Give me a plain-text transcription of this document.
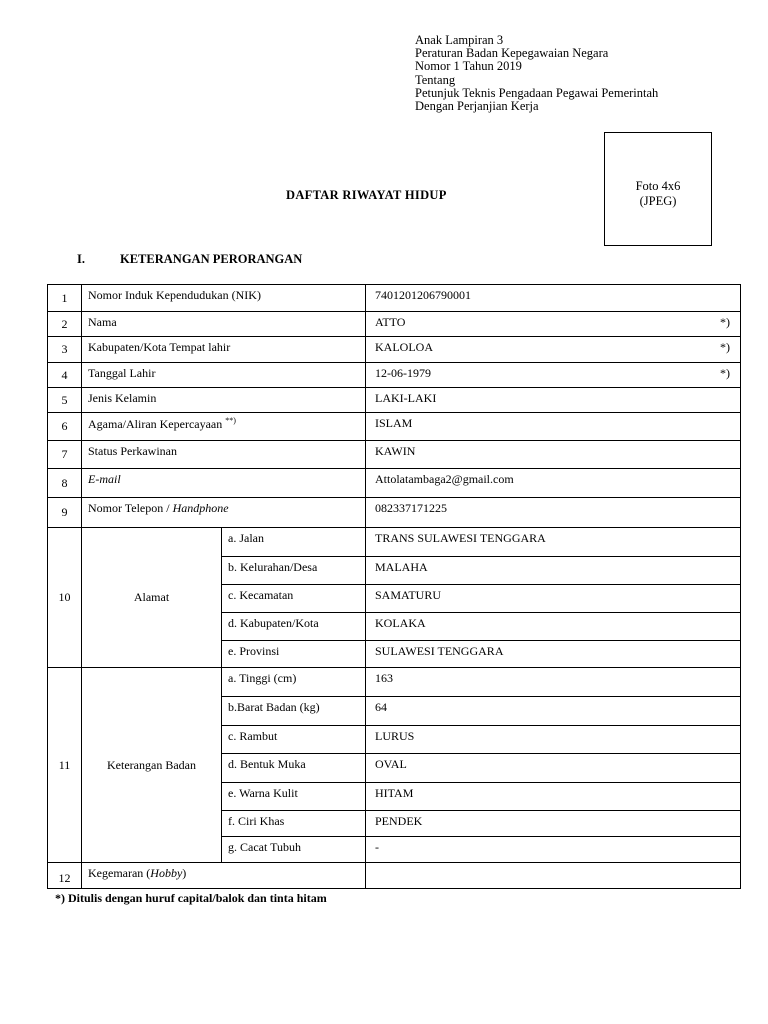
Anak Lampiran 3
Peraturan Badan Kepegawaian Negara
Nomor 1 Tahun 2019
Tentang
Petunjuk Teknis Pengadaan Pegawai Pemerintah
Dengan Perjanjian Kerja
Foto 4x6
(JPEG)
DAFTAR RIWAYAT HIDUP
I.	KETERANGAN PERORANGAN
1	Nomor Induk Kependudukan (NIK)		7401201206790001
2	Nama		ATTO *)

3	Kabupaten/Kota Tempat lahir		KALOLOA *)

4	Tanggal Lahir		12-06-1979 *)

5	Jenis Kelamin		LAKI-LAKI
6	Agama/Aliran Kepercayaan **)		ISLAM
7	Status Perkawinan		KAWIN
8	E-mail		Attolatambaga2@gmail.com
9	Nomor Telepon / Handphone		082337171225
10	Alamat	a. Jalan	TRANS SULAWESI TENGGARA
		b. Kelurahan/Desa	MALAHA
		c. Kecamatan	SAMATURU
		d. Kabupaten/Kota	KOLAKA
		e. Provinsi	SULAWESI TENGGARA
11	Keterangan Badan	a. Tinggi (cm)	163
		b.Barat Badan (kg)	64
		c. Rambut	LURUS
		d. Bentuk Muka	OVAL
		e. Warna Kulit	HITAM
		f. Ciri Khas	PENDEK
		g. Cacat Tubuh	-
12	Kegemaran (Hobby)		
*) Ditulis dengan huruf capital/balok dan tinta hitam
